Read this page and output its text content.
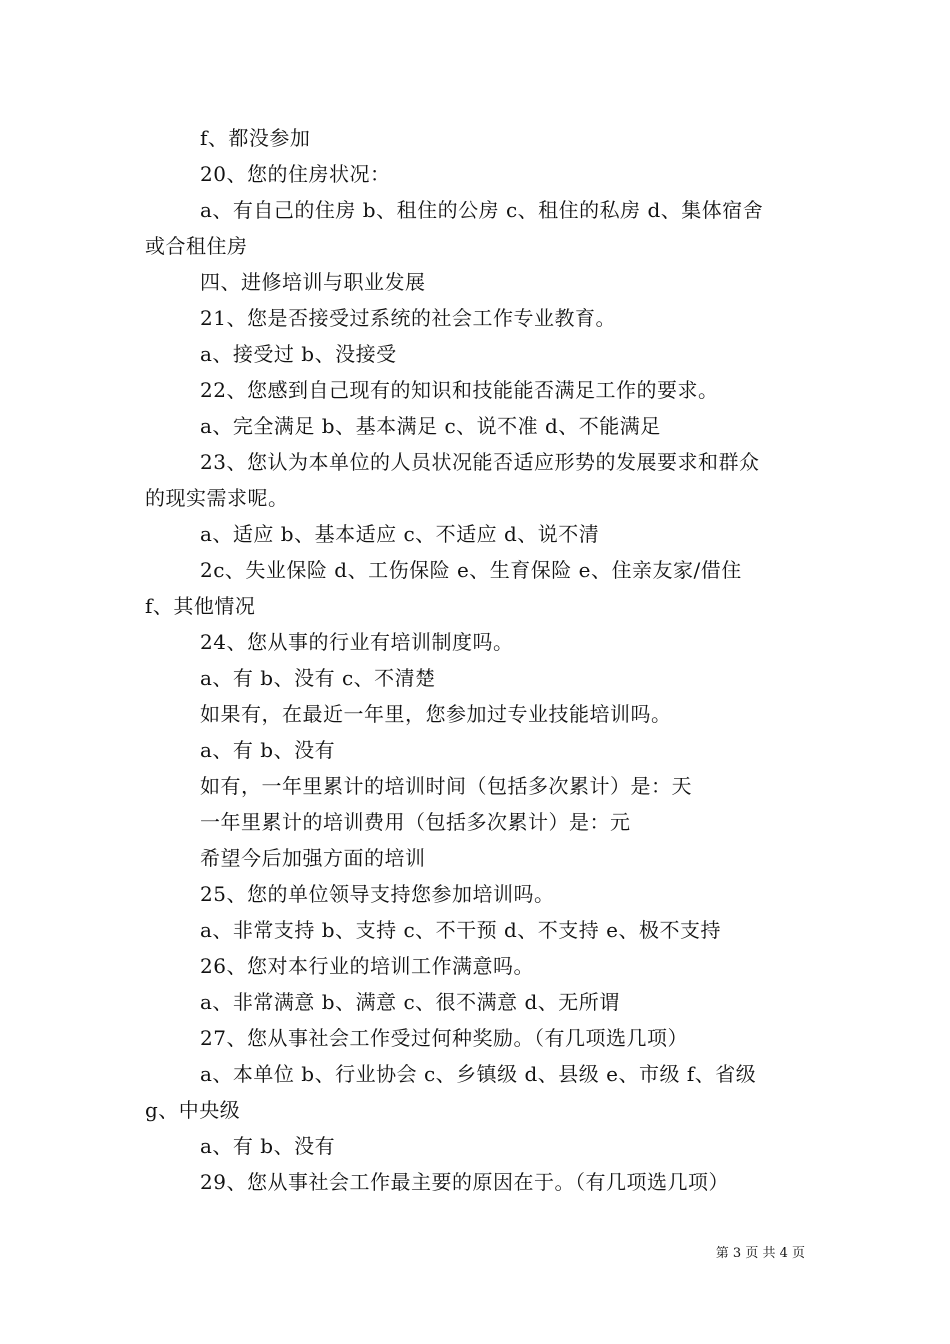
f、都没参加
20、您的住房状况：
a、有自己的住房 b、租住的公房 c、租住的私房 d、集体宿舍
或合租住房
四、进修培训与职业发展
21、您是否接受过系统的社会工作专业教育。
a、接受过 b、没接受
22、您感到自己现有的知识和技能能否满足工作的要求。
a、完全满足 b、基本满足 c、说不准 d、不能满足
23、您认为本单位的人员状况能否适应形势的发展要求和群众
的现实需求呢。
a、适应 b、基本适应 c、不适应 d、说不清
2c、失业保险 d、工伤保险 e、生育保险 e、住亲友家/借住
f、其他情况
24、您从事的行业有培训制度吗。
a、有 b、没有 c、不清楚
如果有，在最近一年里，您参加过专业技能培训吗。
a、有 b、没有
如有，一年里累计的培训时间（包括多次累计）是：天
一年里累计的培训费用（包括多次累计）是：元
希望今后加强方面的培训
25、您的单位领导支持您参加培训吗。
a、非常支持 b、支持 c、不干预 d、不支持 e、极不支持
26、您对本行业的培训工作满意吗。
a、非常满意 b、满意 c、很不满意 d、无所谓
27、您从事社会工作受过何种奖励。（有几项选几项）
a、本单位 b、行业协会 c、乡镇级 d、县级 e、市级 f、省级
g、中央级
a、有 b、没有
29、您从事社会工作最主要的原因在于。（有几项选几项）
第 3 页 共 4 页
